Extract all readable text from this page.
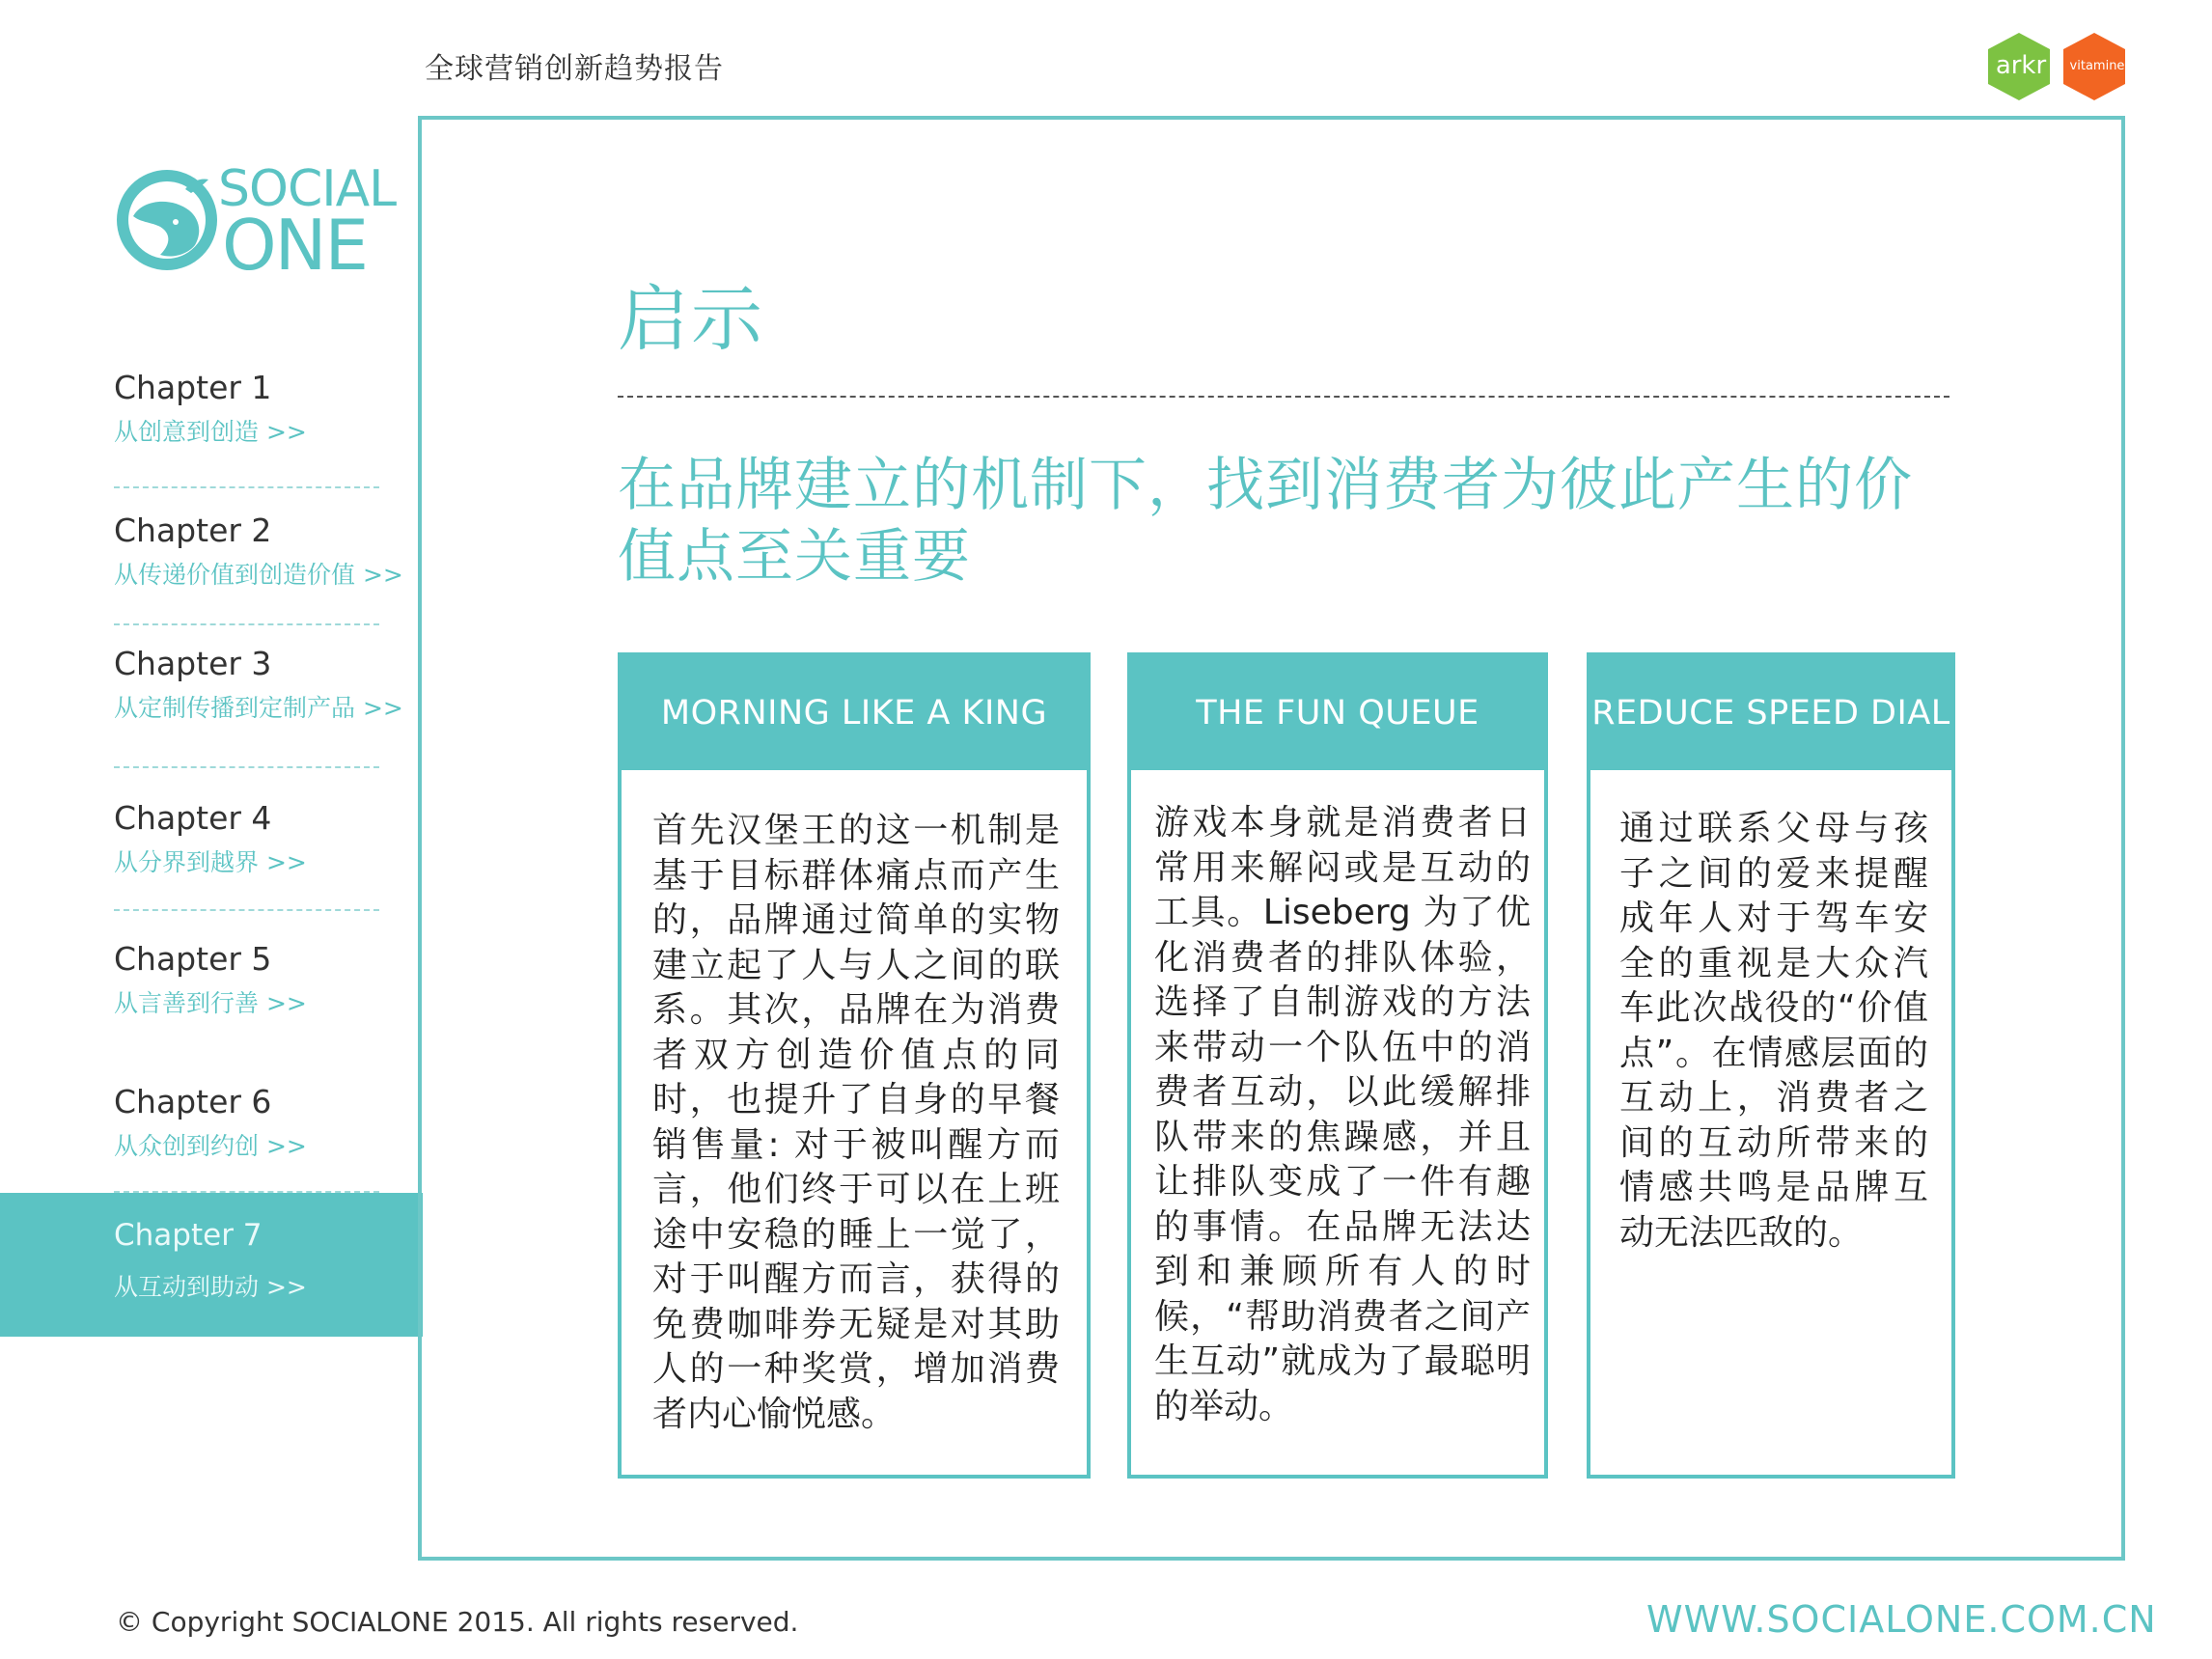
全球营销创新趋势报告	arkr	vitamine
SOCIAL
ONE
Chapter 1
从创意到创造 >>
Chapter 2
从传递价值到创造价值 >>
Chapter 3
从定制传播到定制产品 >>
Chapter 4
从分界到越界 >>
Chapter 5
从言善到行善 >>
Chapter 6
从众创到约创 >>
Chapter 7
从互动到助动 >>
启示
在品牌建立的机制下，找到消费者为彼此产生的价值点至关重要
MORNING LIKE A KING
首先汉堡王的这一机制是基于目标群体痛点而产生的，品牌通过简单的实物建立起了人与人之间的联系。其次，品牌在为消费者双方创造价值点的同时，也提升了自身的早餐销售量: 对于被叫醒方而言，他们终于可以在上班途中安稳的睡上一觉了，对于叫醒方而言，获得的免费咖啡券无疑是对其助人的一种奖赏，增加消费者内心愉悦感。
THE FUN QUEUE
游戏本身就是消费者日常用来解闷或是互动的工具。Liseberg 为了优化消费者的排队体验，选择了自制游戏的方法来带动一个队伍中的消费者互动，以此缓解排队带来的焦躁感，并且让排队变成了一件有趣的事情。在品牌无法达到和兼顾所有人的时候，“帮助消费者之间产生互动”就成为了最聪明的举动。
REDUCE SPEED DIAL
通过联系父母与孩子之间的爱来提醒成年人对于驾车安全的重视是大众汽车此次战役的“价值点”。在情感层面的互动上，消费者之间的互动所带来的情感共鸣是品牌互动无法匹敌的。
© Copyright SOCIALONE 2015. All rights reserved.	WWW.SOCIALONE.COM.CN
